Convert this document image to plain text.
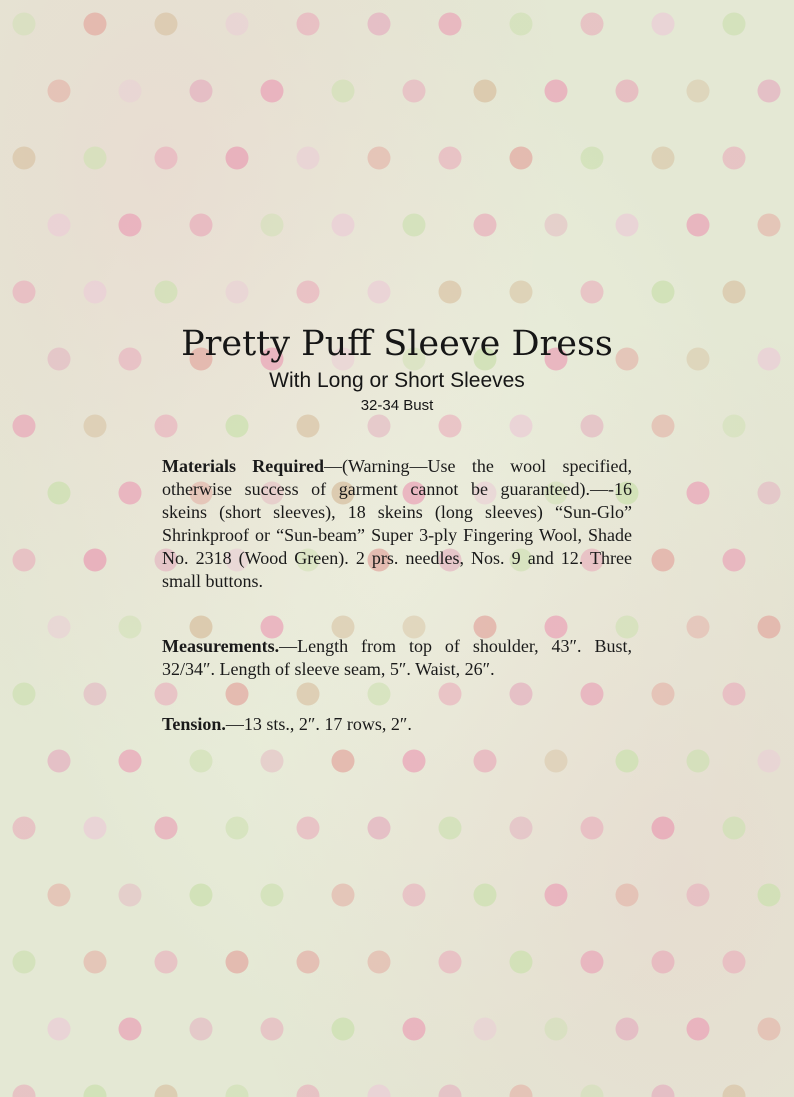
Pretty Puff Sleeve Dress
With Long or Short Sleeves
32-34 Bust

Materials Required—(Warning—Use the wool specified, otherwise success of garment cannot be guaranteed).—-16 skeins (short sleeves), 18 skeins (long sleeves) “Sun-Glo” Shrinkproof or “Sun-beam” Super 3-ply Fingering Wool, Shade No. 2318 (Wood Green). 2 prs. needles, Nos. 9 and 12. Three small buttons.

Measurements.—Length from top of shoulder, 43″. Bust, 32/34″. Length of sleeve seam, 5″. Waist, 26″.

Tension.—13 sts., 2″. 17 rows, 2″.
